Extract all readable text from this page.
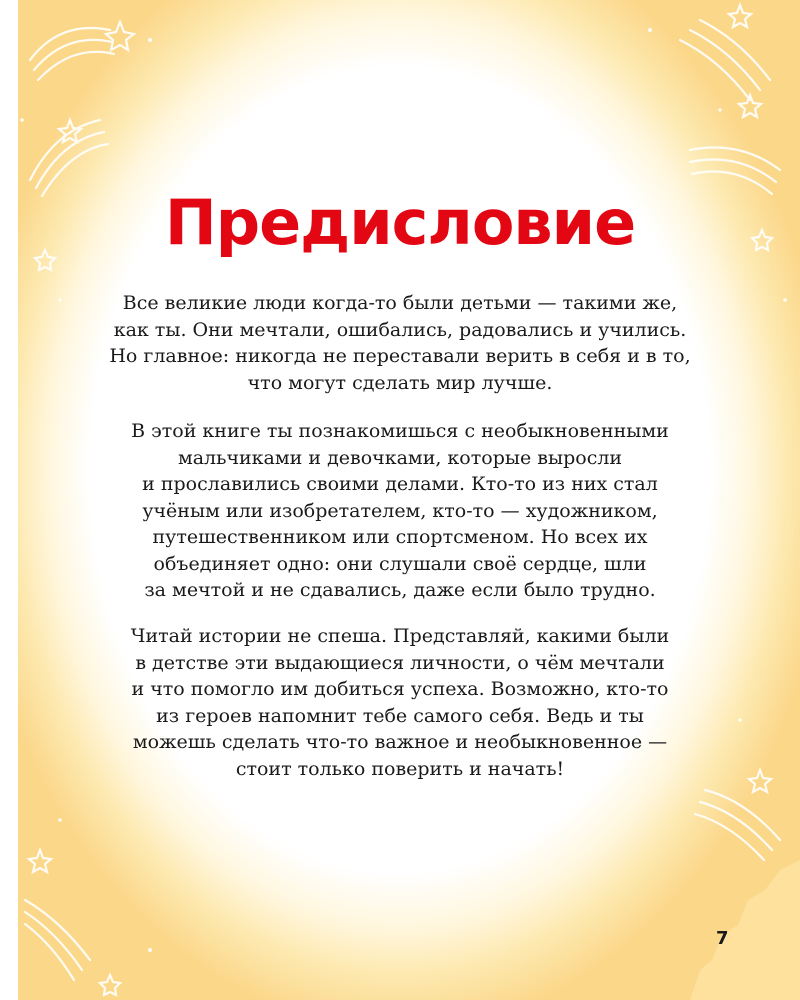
Предисловие

Все великие люди когда-то были детьми — такими же,
как ты. Они мечтали, ошибались, радовались и учились.
Но главное: никогда не переставали верить в себя и в то,
что могут сделать мир лучше.

В этой книге ты познакомишься с необыкновенными
мальчиками и девочками, которые выросли
и прославились своими делами. Кто-то из них стал
учёным или изобретателем, кто-то — художником,
путешественником или спортсменом. Но всех их
объединяет одно: они слушали своё сердце, шли
за мечтой и не сдавались, даже если было трудно.

Читай истории не спеша. Представляй, какими были
в детстве эти выдающиеся личности, о чём мечтали
и что помогло им добиться успеха. Возможно, кто-то
из героев напомнит тебе самого себя. Ведь и ты
можешь сделать что-то важное и необыкновенное —
стоит только поверить и начать!

7
